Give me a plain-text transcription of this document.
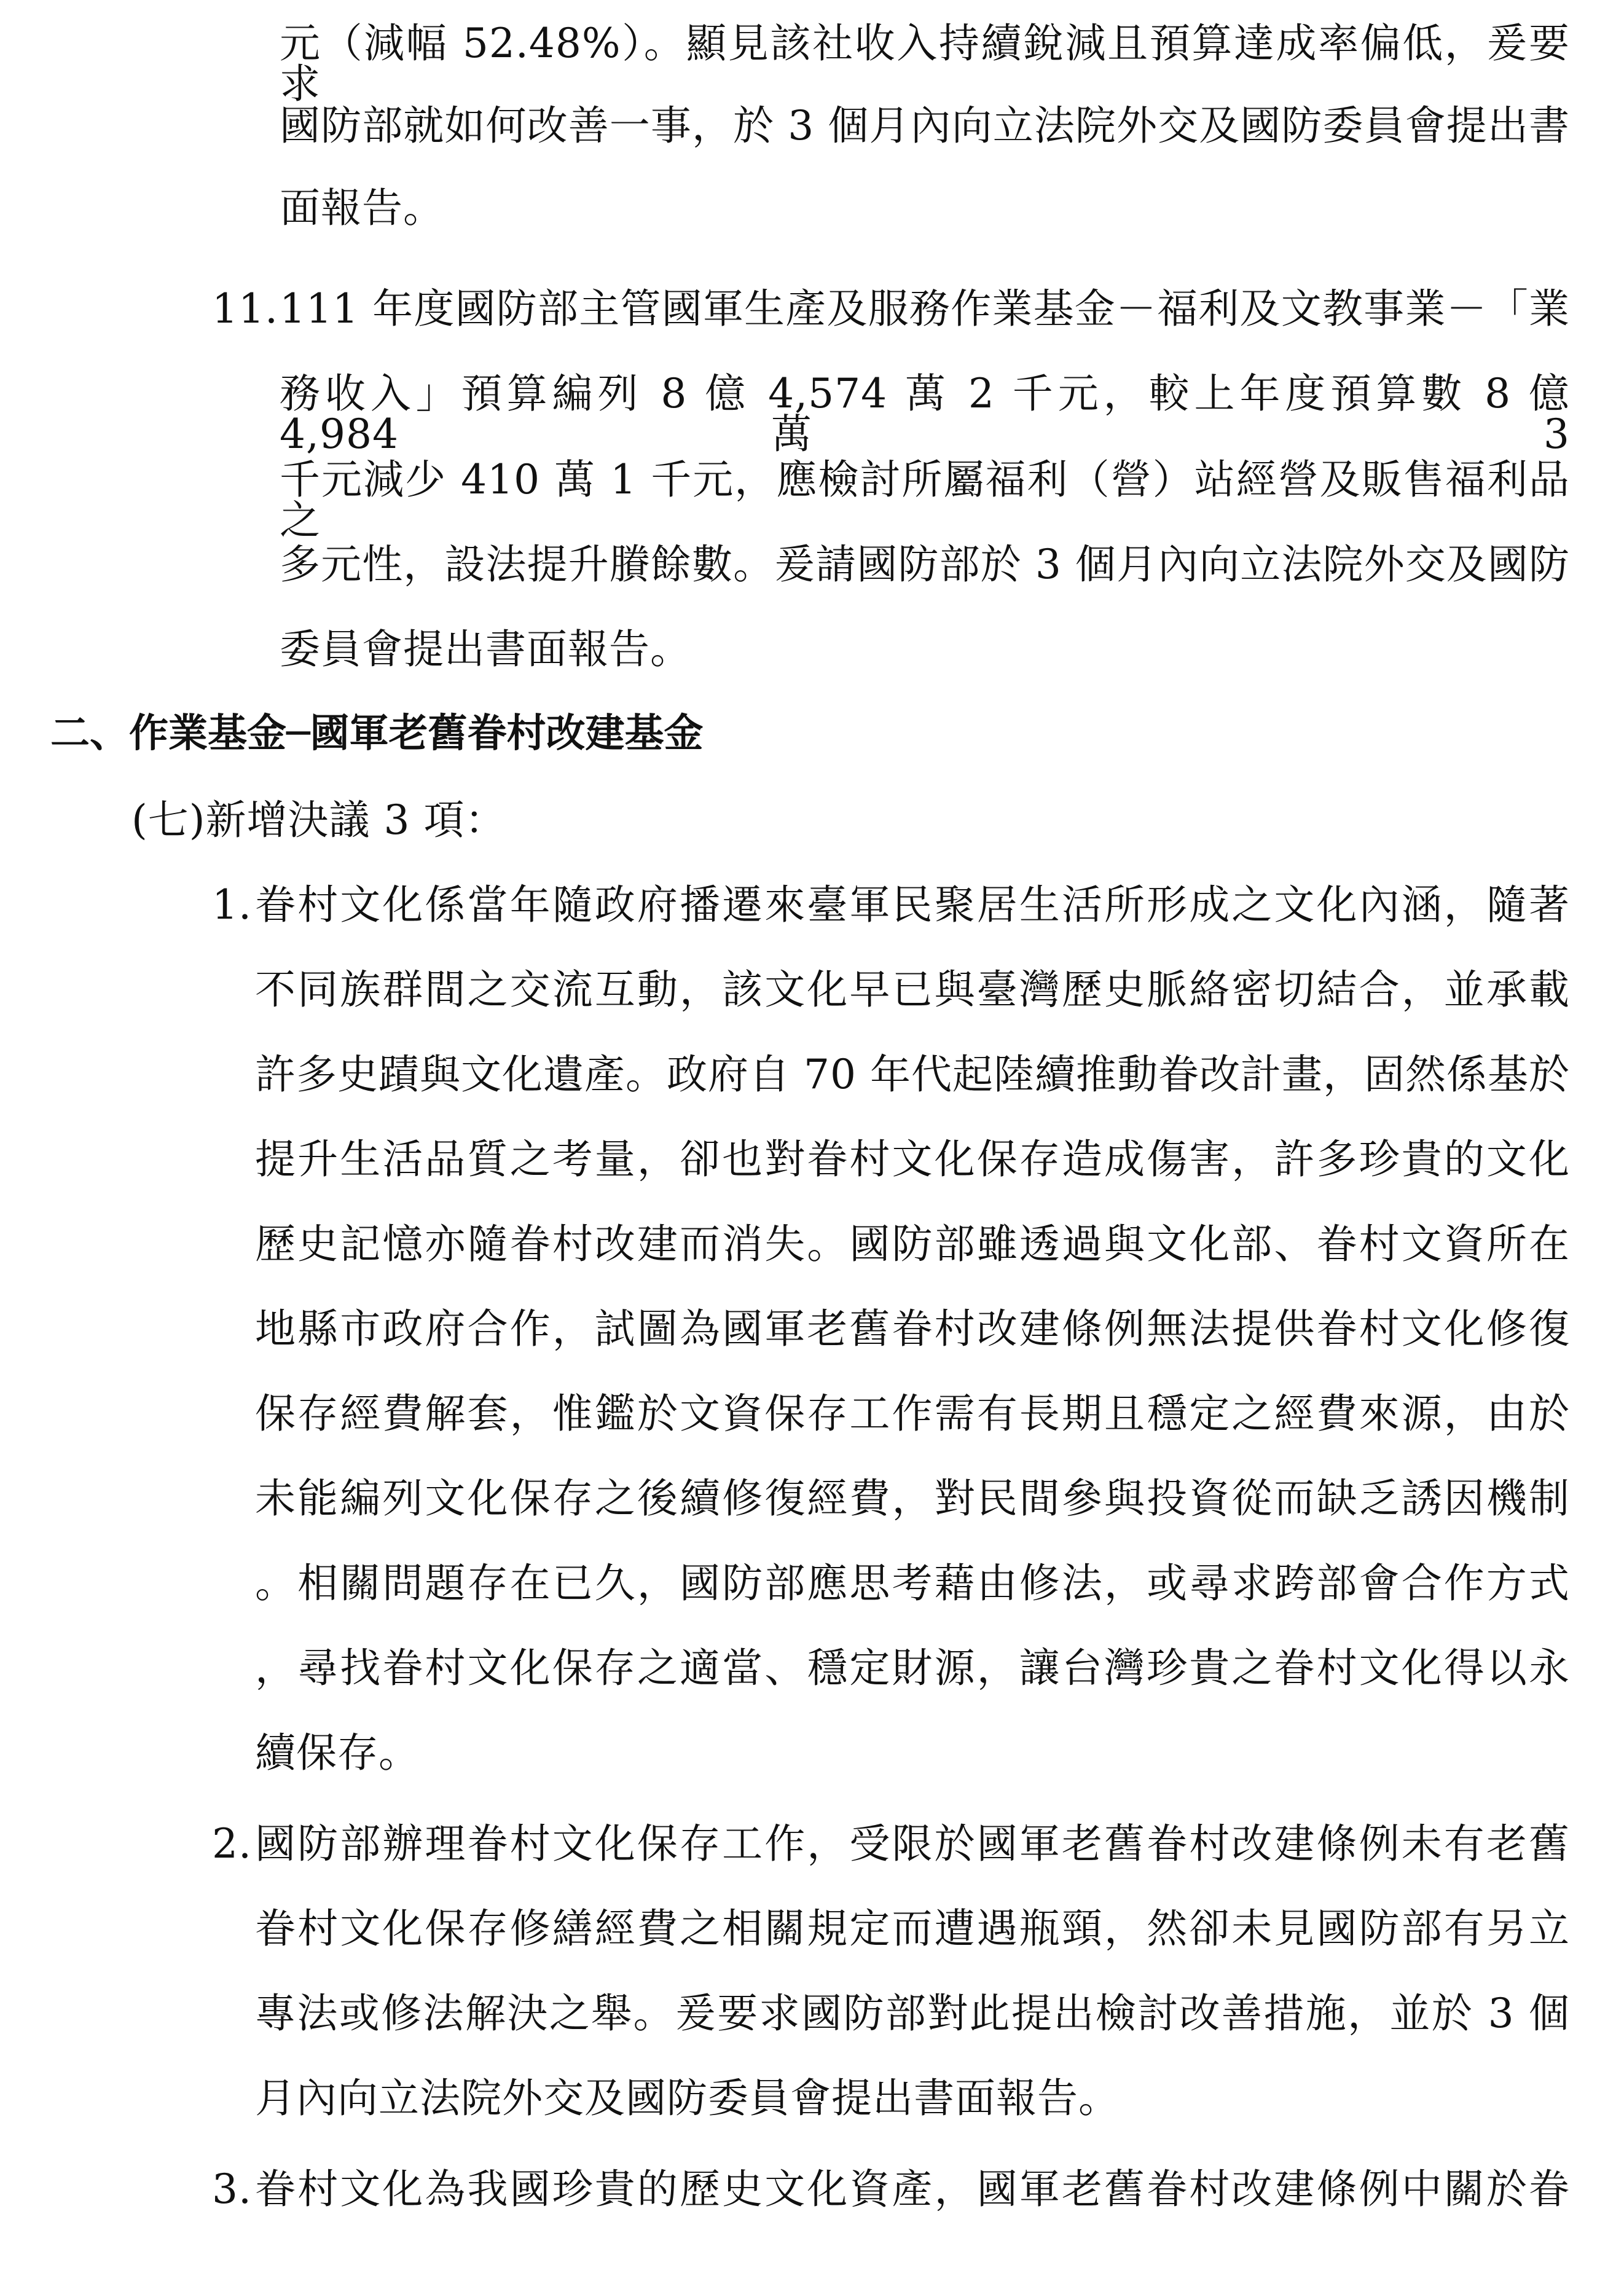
元（減幅 52.48%）。顯見該社收入持續銳減且預算達成率偏低，爰要求
國防部就如何改善一事，於 3 個月內向立法院外交及國防委員會提出書
面報告。
11. 111 年度國防部主管國軍生產及服務作業基金－福利及文教事業－「業
務收入」預算編列 8 億 4,574 萬 2 千元，較上年度預算數 8 億 4,984 萬 3
千元減少 410 萬 1 千元，應檢討所屬福利（營）站經營及販售福利品之
多元性，設法提升賸餘數。爰請國防部於 3 個月內向立法院外交及國防
委員會提出書面報告。
二、作業基金─國軍老舊眷村改建基金
(七)新增決議 3 項：
1. 眷村文化係當年隨政府播遷來臺軍民聚居生活所形成之文化內涵，隨著
不同族群間之交流互動，該文化早已與臺灣歷史脈絡密切結合，並承載
許多史蹟與文化遺產。政府自 70 年代起陸續推動眷改計畫，固然係基於
提升生活品質之考量，卻也對眷村文化保存造成傷害，許多珍貴的文化
歷史記憶亦隨眷村改建而消失。國防部雖透過與文化部、眷村文資所在
地縣市政府合作，試圖為國軍老舊眷村改建條例無法提供眷村文化修復
保存經費解套，惟鑑於文資保存工作需有長期且穩定之經費來源，由於
未能編列文化保存之後續修復經費，對民間參與投資從而缺乏誘因機制
。相關問題存在已久，國防部應思考藉由修法，或尋求跨部會合作方式
，尋找眷村文化保存之適當、穩定財源，讓台灣珍貴之眷村文化得以永
續保存。
2. 國防部辦理眷村文化保存工作，受限於國軍老舊眷村改建條例未有老舊
眷村文化保存修繕經費之相關規定而遭遇瓶頸，然卻未見國防部有另立
專法或修法解決之舉。爰要求國防部對此提出檢討改善措施，並於 3 個
月內向立法院外交及國防委員會提出書面報告。
3. 眷村文化為我國珍貴的歷史文化資產，國軍老舊眷村改建條例中關於眷
